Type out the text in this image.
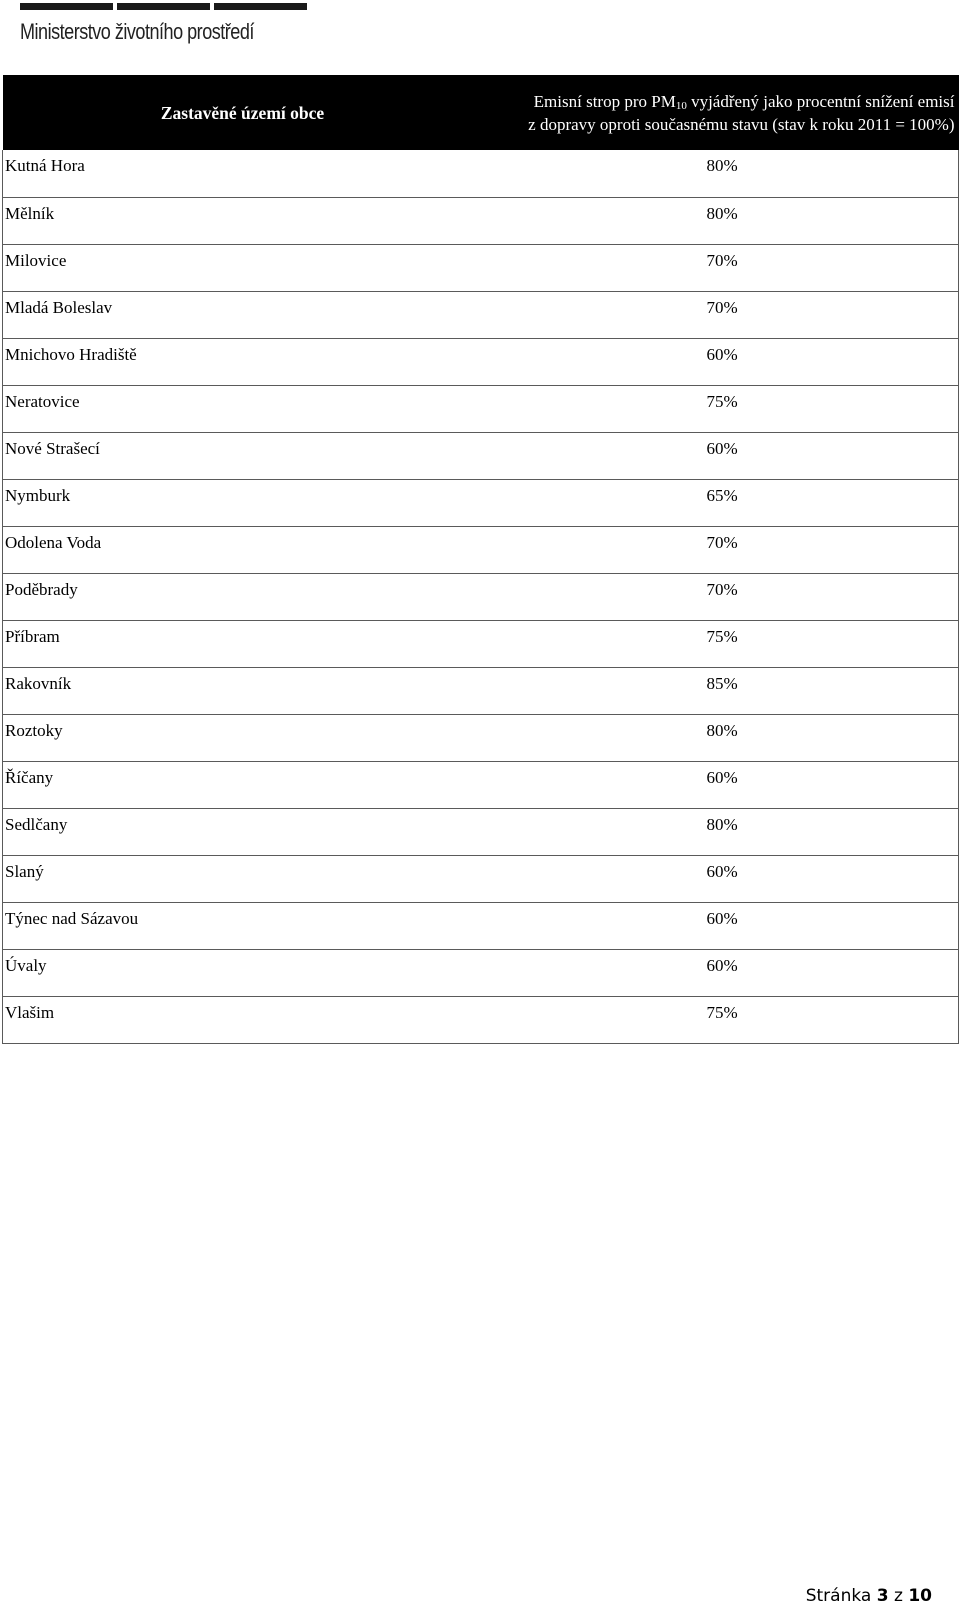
Ministerstvo životního prostředí
Zastavěné území obce	Emisní strop pro $PM_{10}$ vyjádřený jako procentní snížení emisí
z dopravy oproti současnému stavu (stav k roku 2011 = 100%)
Kutná Hora	80%
Mělník	80%
Milovice	70%
Mladá Boleslav	70%
Mnichovo Hradiště	60%
Neratovice	75%
Nové Strašecí	60%
Nymburk	65%
Odolena Voda	70%
Poděbrady	70%
Příbram	75%
Rakovník	85%
Roztoky	80%
Říčany	60%
Sedlčany	80%
Slaný	60%
Týnec nad Sázavou	60%
Úvaly	60%
Vlašim	75%
Stránka 3 z 10
